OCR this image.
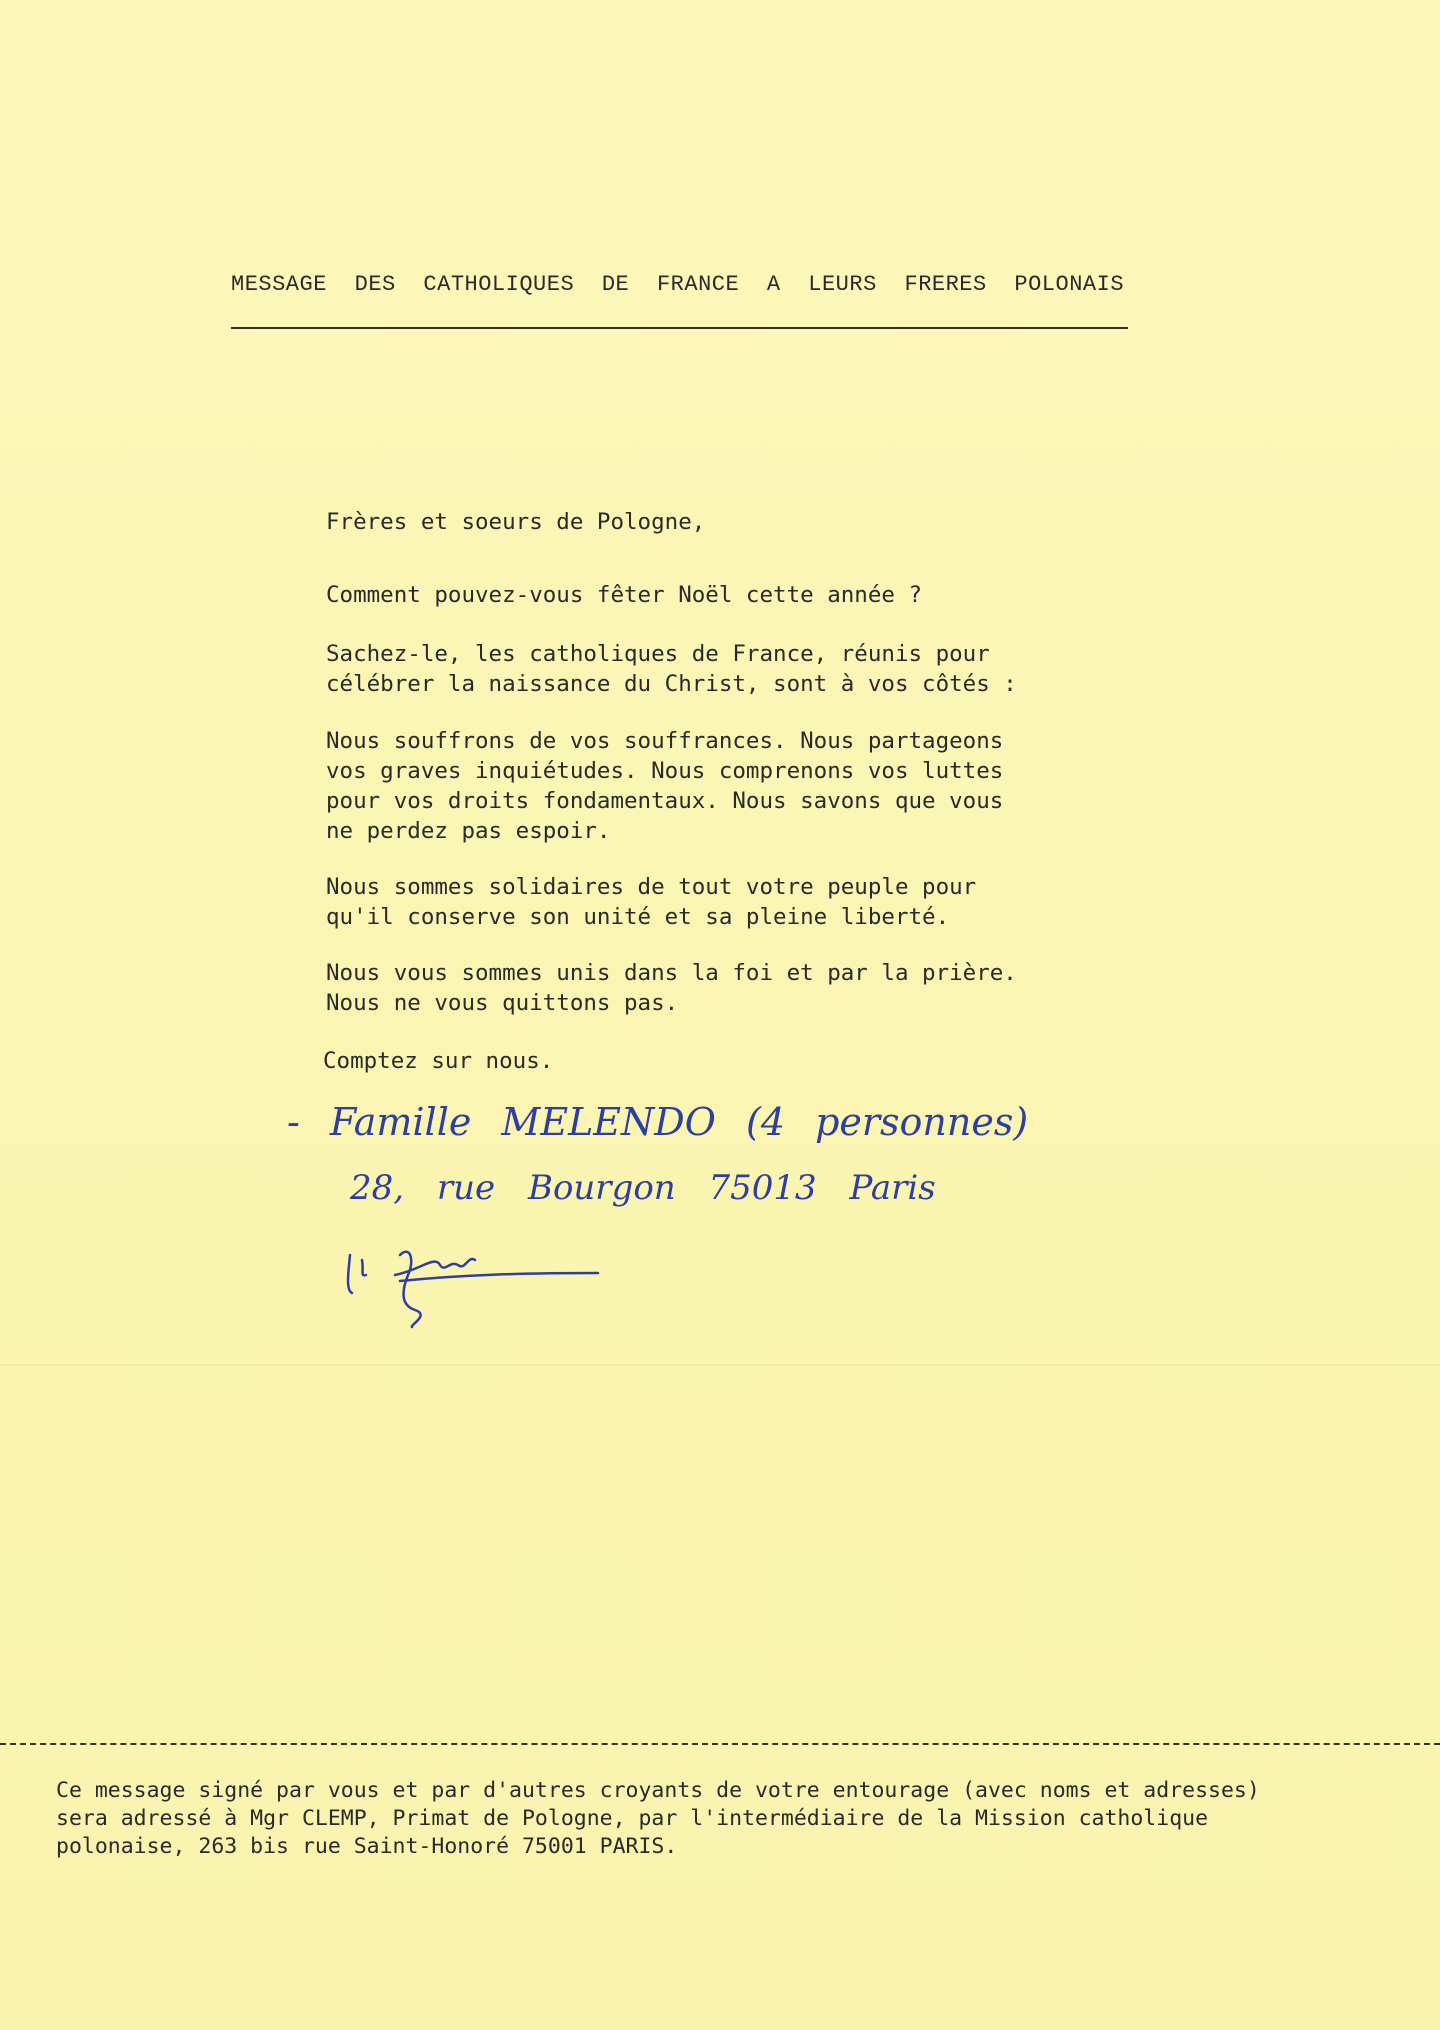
MESSAGE DES CATHOLIQUES DE FRANCE A LEURS FRERES POLONAIS
Frères et soeurs de Pologne,
Comment pouvez-vous fêter Noël cette année ?
Sachez-le, les catholiques de France, réunis pour
célébrer la naissance du Christ, sont à vos côtés :
Nous souffrons de vos souffrances. Nous partageons
vos graves inquiétudes. Nous comprenons vos luttes
pour vos droits fondamentaux. Nous savons que vous
ne perdez pas espoir.
Nous sommes solidaires de tout votre peuple pour
qu'il conserve son unité et sa pleine liberté.
Nous vous sommes unis dans la foi et par la prière.
Nous ne vous quittons pas.
Comptez sur nous.
- Famille MELENDO (4 personnes)
28, rue Bourgon 75013 Paris
Ce message signé par vous et par d'autres croyants de votre entourage (avec noms et adresses)
sera adressé à Mgr CLEMP, Primat de Pologne, par l'intermédiaire de la Mission catholique
polonaise, 263 bis rue Saint-Honoré 75001 PARIS.
